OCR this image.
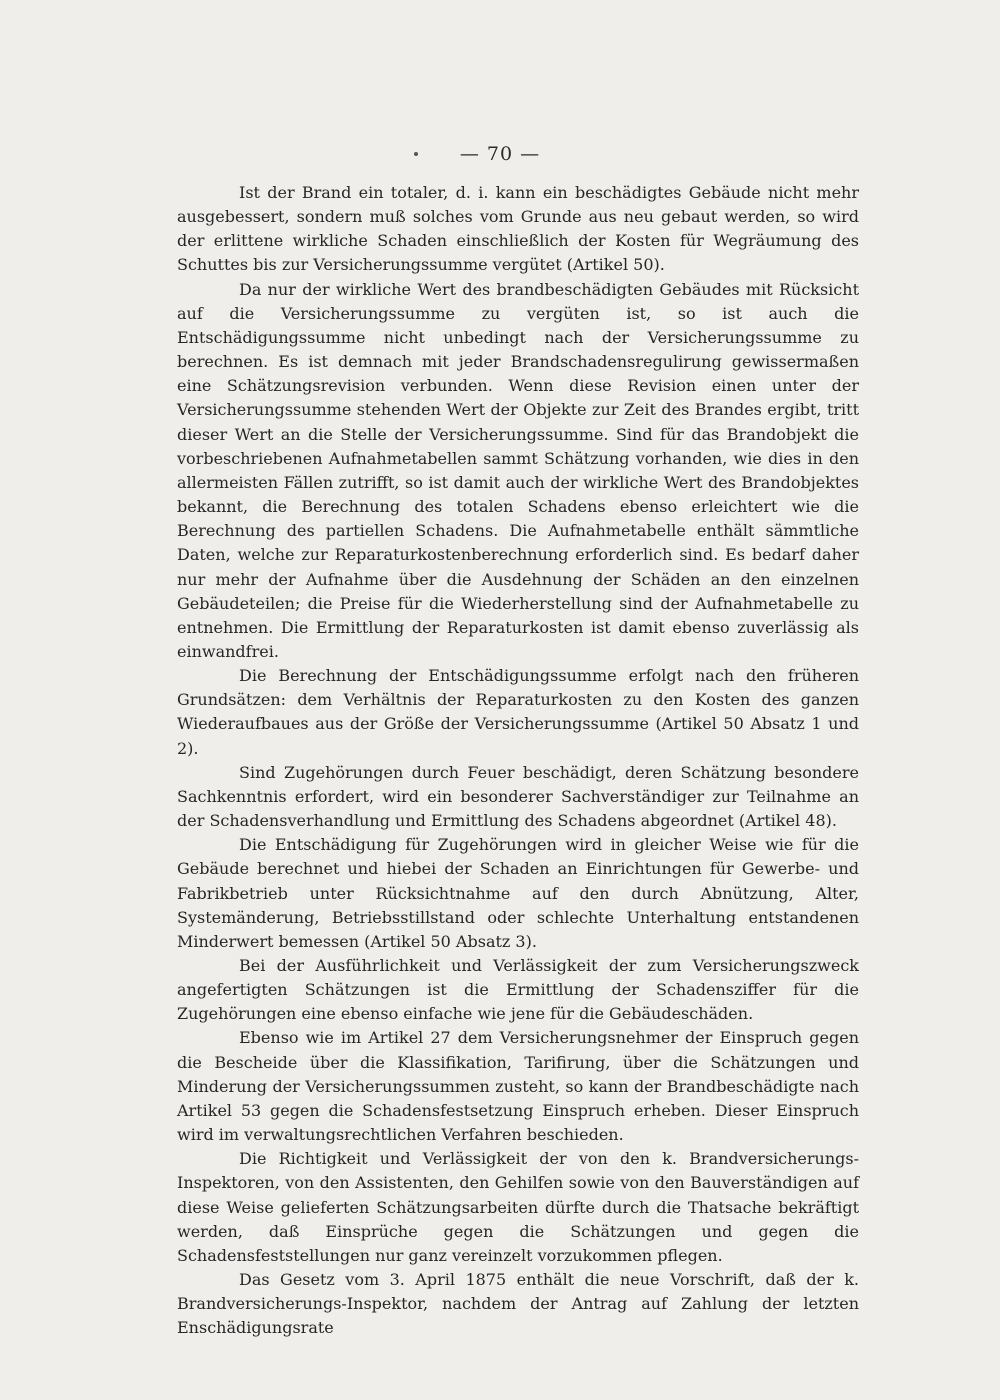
— 70 —

Ist der Brand ein totaler, d. i. kann ein beschädigtes Gebäude nicht mehr ausgebessert, sondern muß solches vom Grunde aus neu gebaut werden, so wird der erlittene wirkliche Schaden einschließlich der Kosten für Wegräumung des Schuttes bis zur Versicherungssumme vergütet (Artikel 50).

Da nur der wirkliche Wert des brandbeschädigten Gebäudes mit Rücksicht auf die Versicherungssumme zu vergüten ist, so ist auch die Entschädigungssumme nicht unbedingt nach der Versicherungssumme zu berechnen. Es ist demnach mit jeder Brandschadensregulirung gewissermaßen eine Schätzungsrevision verbunden. Wenn diese Revision einen unter der Versicherungssumme stehenden Wert der Objekte zur Zeit des Brandes ergibt, tritt dieser Wert an die Stelle der Versicherungssumme. Sind für das Brandobjekt die vorbeschriebenen Aufnahmetabellen sammt Schätzung vorhanden, wie dies in den allermeisten Fällen zutrifft, so ist damit auch der wirkliche Wert des Brandobjektes bekannt, die Berechnung des totalen Schadens ebenso erleichtert wie die Berechnung des partiellen Schadens. Die Aufnahmetabelle enthält sämmtliche Daten, welche zur Reparaturkostenberechnung erforderlich sind. Es bedarf daher nur mehr der Aufnahme über die Ausdehnung der Schäden an den einzelnen Gebäudeteilen; die Preise für die Wiederherstellung sind der Aufnahmetabelle zu entnehmen. Die Ermittlung der Reparaturkosten ist damit ebenso zuverlässig als einwandfrei.

Die Berechnung der Entschädigungssumme erfolgt nach den früheren Grundsätzen: dem Verhältnis der Reparaturkosten zu den Kosten des ganzen Wiederaufbaues aus der Größe der Versicherungssumme (Artikel 50 Absatz 1 und 2).

Sind Zugehörungen durch Feuer beschädigt, deren Schätzung besondere Sachkenntnis erfordert, wird ein besonderer Sachverständiger zur Teilnahme an der Schadensverhandlung und Ermittlung des Schadens abgeordnet (Artikel 48).

Die Entschädigung für Zugehörungen wird in gleicher Weise wie für die Gebäude berechnet und hiebei der Schaden an Einrichtungen für Gewerbe- und Fabrikbetrieb unter Rücksichtnahme auf den durch Abnützung, Alter, Systemänderung, Betriebsstillstand oder schlechte Unterhaltung entstandenen Minderwert bemessen (Artikel 50 Absatz 3).

Bei der Ausführlichkeit und Verlässigkeit der zum Versicherungszweck angefertigten Schätzungen ist die Ermittlung der Schadensziffer für die Zugehörungen eine ebenso einfache wie jene für die Gebäudeschäden.

Ebenso wie im Artikel 27 dem Versicherungsnehmer der Einspruch gegen die Bescheide über die Klassifikation, Tarifirung, über die Schätzungen und Minderung der Versicherungssummen zusteht, so kann der Brandbeschädigte nach Artikel 53 gegen die Schadensfestsetzung Einspruch erheben. Dieser Einspruch wird im verwaltungsrechtlichen Verfahren beschieden.

Die Richtigkeit und Verlässigkeit der von den k. Brandversicherungs-Inspektoren, von den Assistenten, den Gehilfen sowie von den Bauverständigen auf diese Weise gelieferten Schätzungsarbeiten dürfte durch die Thatsache bekräftigt werden, daß Einsprüche gegen die Schätzungen und gegen die Schadensfeststellungen nur ganz vereinzelt vorzukommen pflegen.

Das Gesetz vom 3. April 1875 enthält die neue Vorschrift, daß der k. Brandversicherungs-Inspektor, nachdem der Antrag auf Zahlung der letzten Enschädigungsrate
